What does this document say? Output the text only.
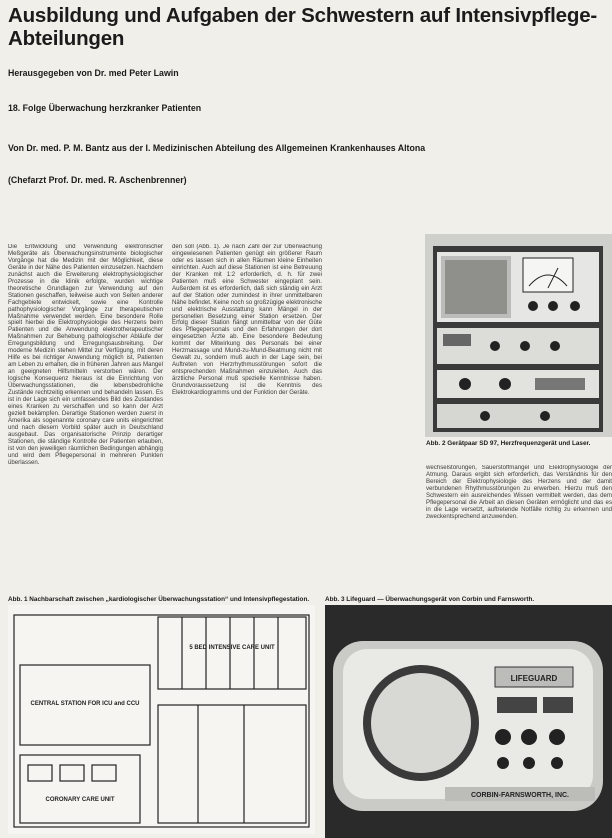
Ausbildung und Aufgaben der Schwestern auf Intensivpflege-Abteilungen
Herausgegeben von Dr. med Peter Lawin
18. Folge Überwachung herzkranker Patienten
Von Dr. med. P. M. Bantz aus der I. Medizinischen Abteilung des Allgemeinen Krankenhauses Altona
(Chefarzt Prof. Dr. med. R. Aschenbrenner)

Die Entwicklung und Verwendung elektronischer Meßgeräte als Überwachungsinstrumente biologischer Vorgänge hat die Medizin mit der Möglichkeit, diese Geräte in der Nähe des Patienten einzusetzen. Nachdem zunächst auch die Erweiterung elektrophysiologischer Prozesse in die klinik erfolgte, wurden wichtige theoretische Grundlagen zur Verwendung auf den Stationen geschaffen, teilweise auch von Seiten anderer Fachgebiete entwickelt, sowie eine Kontrolle pathophysiologischer Vorgänge zur therapeutischen Maßnahme verwendet werden. Eine besondere Rolle spielt hierbei die Elektrophysiologie des Herzens beim Patienten und die Anwendung elektrotherapeutischer Maßnahmen zur Behebung pathologischer Abläufe der Erregungsbildung und Erregungsausbreitung. Der moderne Medizin stehen Mittel zur Verfügung, mit deren Hilfe es bei richtiger Anwendung möglich ist, Patienten am Leben zu erhalten, die in früheren Jahren aus Mangel an geeigneten Hilfsmitteln verstorben wären. Der logische Konsequenz hieraus ist die Einrichtung von Überwachungsstationen, die lebensbedrohliche Zustände rechtzeitig erkennen und behandeln lassen. Es ist in der Lage sich ein umfassendes Bild des Zustandes eines Kranken zu verschaffen und so kann der Arzt gezielt bekämpfen. Derartige Stationen werden zuerst in Amerika als sogenannte coronary care units eingerichtet und nach diesem Vorbild später auch in Deutschland ausgebaut. Das organisatorische Prinzip derartiger Stationen, die ständige Kontrolle der Patienten erlauben, ist von den jeweiligen räumlichen Bedingungen abhängig und wird dem Pflegepersonal in mehreren Punkten überlassen.

den soll (Abb. 1). Je nach Zahl der zur Überwachung eingewiesenen Patienten genügt ein größerer Raum oder es lassen sich in allen Räumen kleine Einheiten einrichten. Auch auf diese Stationen ist eine Betreuung der Kranken mit 1:2 erforderlich, d. h. für zwei Patienten muß eine Schwester eingeplant sein. Außerdem ist es erforderlich, daß sich ständig ein Arzt auf der Station oder zumindest in ihrer unmittelbaren Nähe befindet. Keine noch so großzügige elektronische und elektrische Ausstattung kann Mängel in der personellen Besetzung einer Station ersetzen. Der Erfolg dieser Station hängt unmittelbar von der Güte des Pflegepersonals und den Erfahrungen der dort eingesetzten Ärzte ab. Eine besondere Bedeutung kommt der Mitwirkung des Personals bei einer Herzmassage und Mund-zu-Mund-Beatmung nicht mit Gewalt zu, sondern muß auch in der Lage sein, bei Auftreten von Herzrhythmusstörungen sofort die entsprechenden Maßnahmen einzuleiten. Auch das ärztliche Personal muß spezielle Kenntnisse haben. Grundvoraussetzung ist die Kenntnis des Elektrokardiogramms und der Funktion der Geräte.

Abb. 2 Gerätpaar SD 97, Herzfrequenzgerät und Laser.

wechselstörungen, Sauerstoffmangel und Elektrophysiologie der Atmung. Daraus ergibt sich erforderlich, das Verständnis für den Bereich der Elektrophysiologie des Herzens und der damit verbundenen Rhythmusstörungen zu erwerben. Hierzu muß den Schwestern ein ausreichendes Wissen vermittelt werden, das dem Pflegepersonal die Arbeit an diesen Geräten ermöglicht und das es in die Lage versetzt, auftretende Notfälle richtig zu erkennen und zweckentsprechend anzuwenden.

Abb. 1 Nachbarschaft zwischen „kardiologischer Überwachungsstation“ und Intensivpflegestation.	Abb. 3 Lifeguard — Überwachungsgerät von Corbin und Farnsworth.
5 BED INTENSIVE CARE UNIT
CENTRAL STATION FOR ICU and CCU
CORONARY CARE UNIT
LIFEGUARD
CORBIN-FARNSWORTH, INC.
